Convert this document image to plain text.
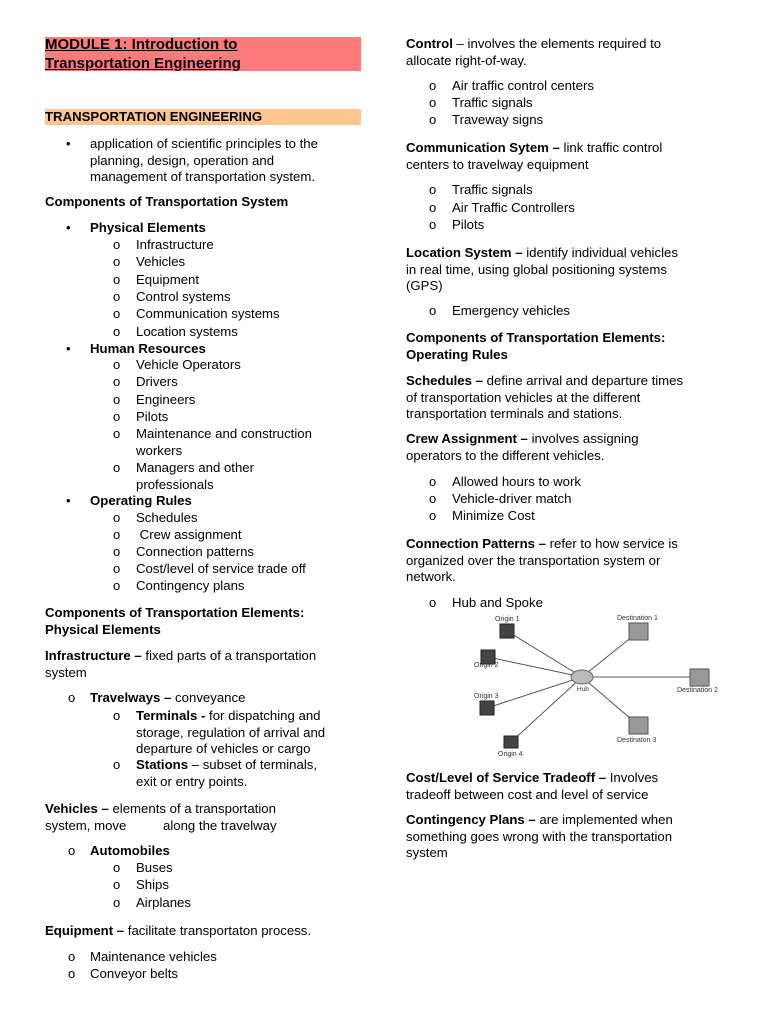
MODULE 1: Introduction to
Transportation Engineering
TRANSPORTATION ENGINEERING
• application of scientific principles to the
planning, design, operation and
management of transportation system.
Components of Transportation System
• Physical Elements
o Infrastructure
o Vehicles
o Equipment
o Control systems
o Communication systems
o Location systems
• Human Resources
o Vehicle Operators
o Drivers
o Engineers
o Pilots
o Maintenance and construction
workers
o Managers and other
professionals
• Operating Rules
o Schedules
o Crew assignment
o Connection patterns
o Cost/level of service trade off
o Contingency plans
Components of Transportation Elements:
Physical Elements
Infrastructure – fixed parts of a transportation
system
o Travelways – conveyance
o Terminals - for dispatching and
storage, regulation of arrival and
departure of vehicles or cargo
o Stations – subset of terminals,
exit or entry points.
Vehicles – elements of a transportation
system, move          along the travelway
o Automobiles
o Buses
o Ships
o Airplanes
Equipment – facilitate transportaton process.
o Maintenance vehicles
o Conveyor belts
Control – involves the elements required to
allocate right-of-way.
o Air traffic control centers
o Traffic signals
o Traveway signs
Communication Sytem – link traffic control
centers to travelway equipment
o Traffic signals
o Air Traffic Controllers
o Pilots
Location System – identify individual vehicles
in real time, using global positioning systems
(GPS)
o Emergency vehicles
Components of Transportation Elements:
Operating Rules
Schedules – define arrival and departure times
of transportation vehicles at the different
transportation terminals and stations.
Crew Assignment – involves assigning
operators to the different vehicles.
o Allowed hours to work
o Vehicle-driver match
o Minimize Cost
Connection Patterns – refer to how service is
organized over the transportation system or
network.
o Hub and Spoke
Origin 1
Origin 2
Origin 3
Origin 4
Destination 1
Destination 2
Destinaton 3
Hub
Cost/Level of Service Tradeoff – Involves
tradeoff between cost and level of service
Contingency Plans – are implemented when
something goes wrong with the transportation
system
